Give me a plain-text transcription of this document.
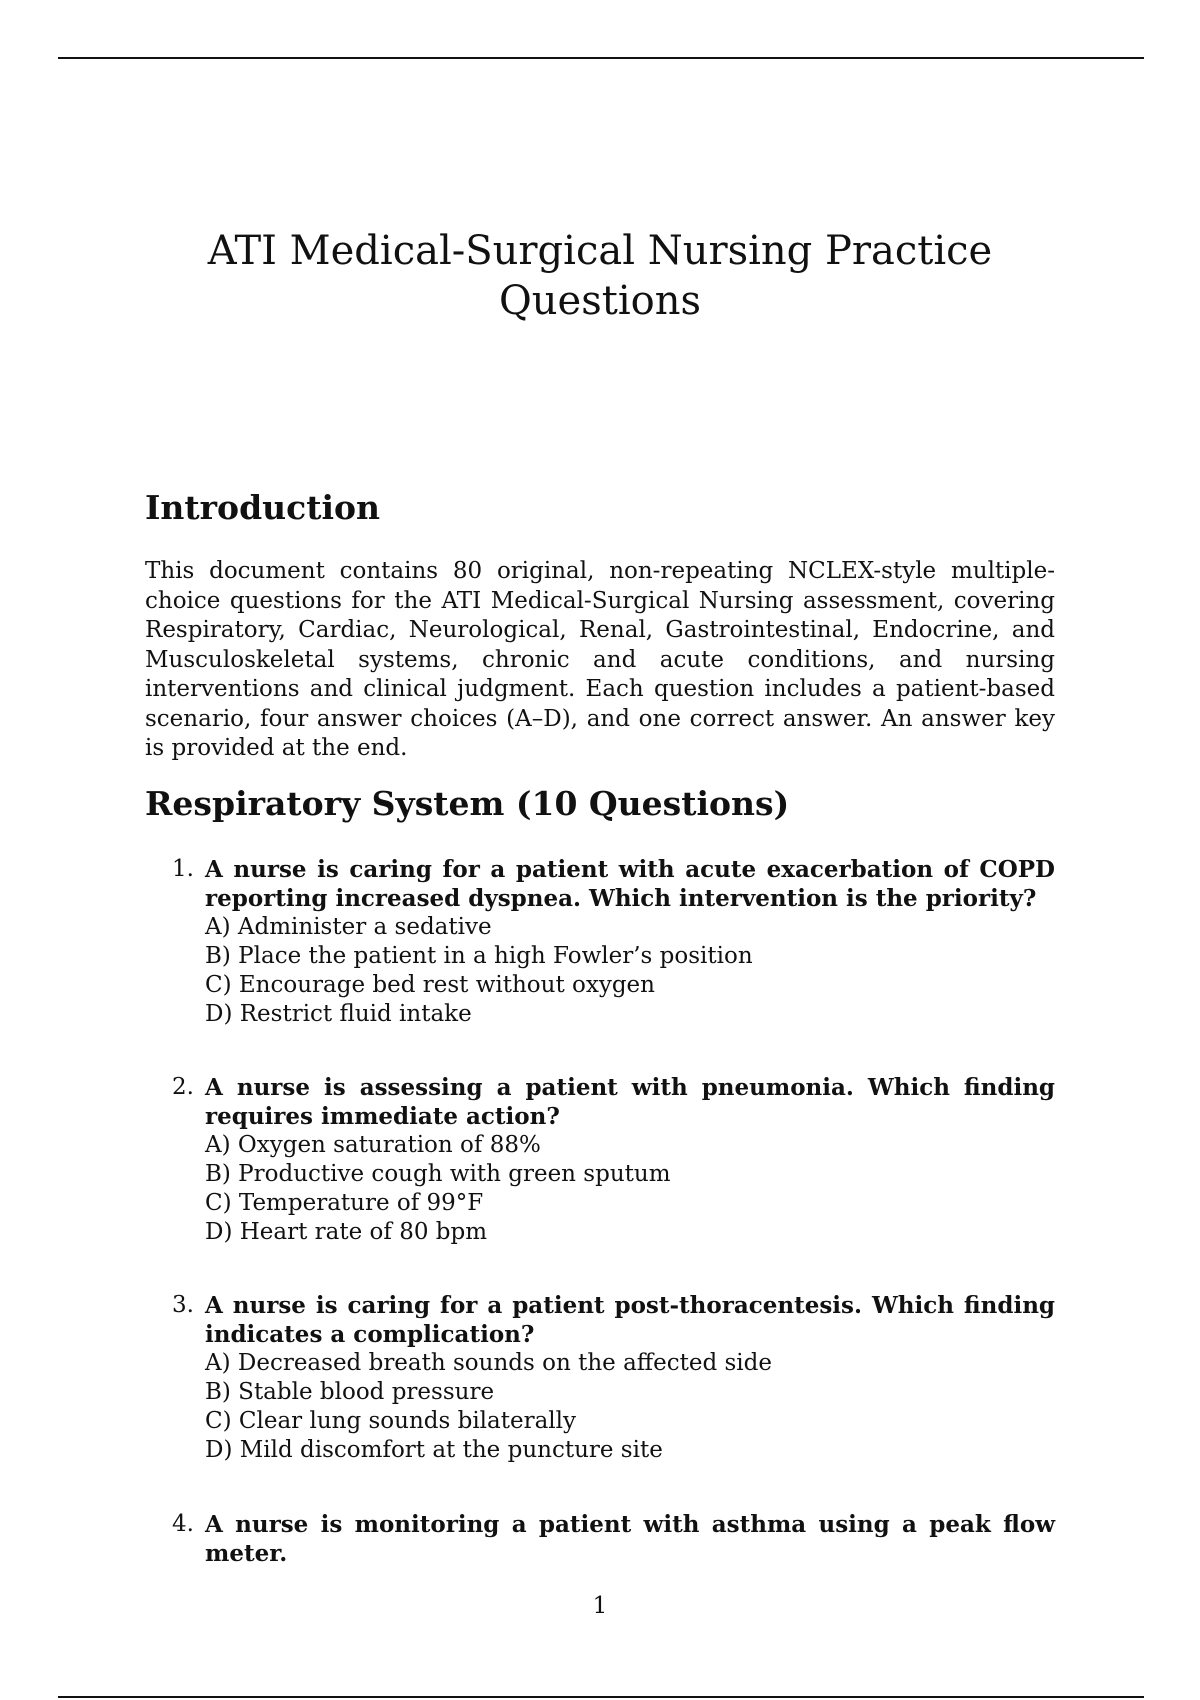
ATI Medical-Surgical Nursing Practice Questions
Introduction

This document contains 80 original, non-repeating NCLEX-style multiple-choice questions for the ATI Medical-Surgical Nursing assessment, covering Respiratory, Cardiac, Neurological, Renal, Gastrointestinal, Endocrine, and Musculoskeletal systems, chronic and acute conditions, and nursing interventions and clinical judgment. Each question includes a patient-based scenario, four answer choices (A–D), and one correct answer. An answer key is provided at the end.

Respiratory System (10 Questions)
1. A nurse is caring for a patient with acute exacerbation of COPD reporting increased dyspnea. Which intervention is the priority?

A) Administer a sedative
B) Place the patient in a high Fowler’s position
C) Encourage bed rest without oxygen
D) Restrict fluid intake
2. A nurse is assessing a patient with pneumonia. Which finding requires immediate action?

A) Oxygen saturation of 88%
B) Productive cough with green sputum
C) Temperature of 99°F
D) Heart rate of 80 bpm
3. A nurse is caring for a patient post-thoracentesis. Which finding indicates a complication?

A) Decreased breath sounds on the affected side
B) Stable blood pressure
C) Clear lung sounds bilaterally
D) Mild discomfort at the puncture site
4. A nurse is monitoring a patient with asthma using a peak flow meter.

1
